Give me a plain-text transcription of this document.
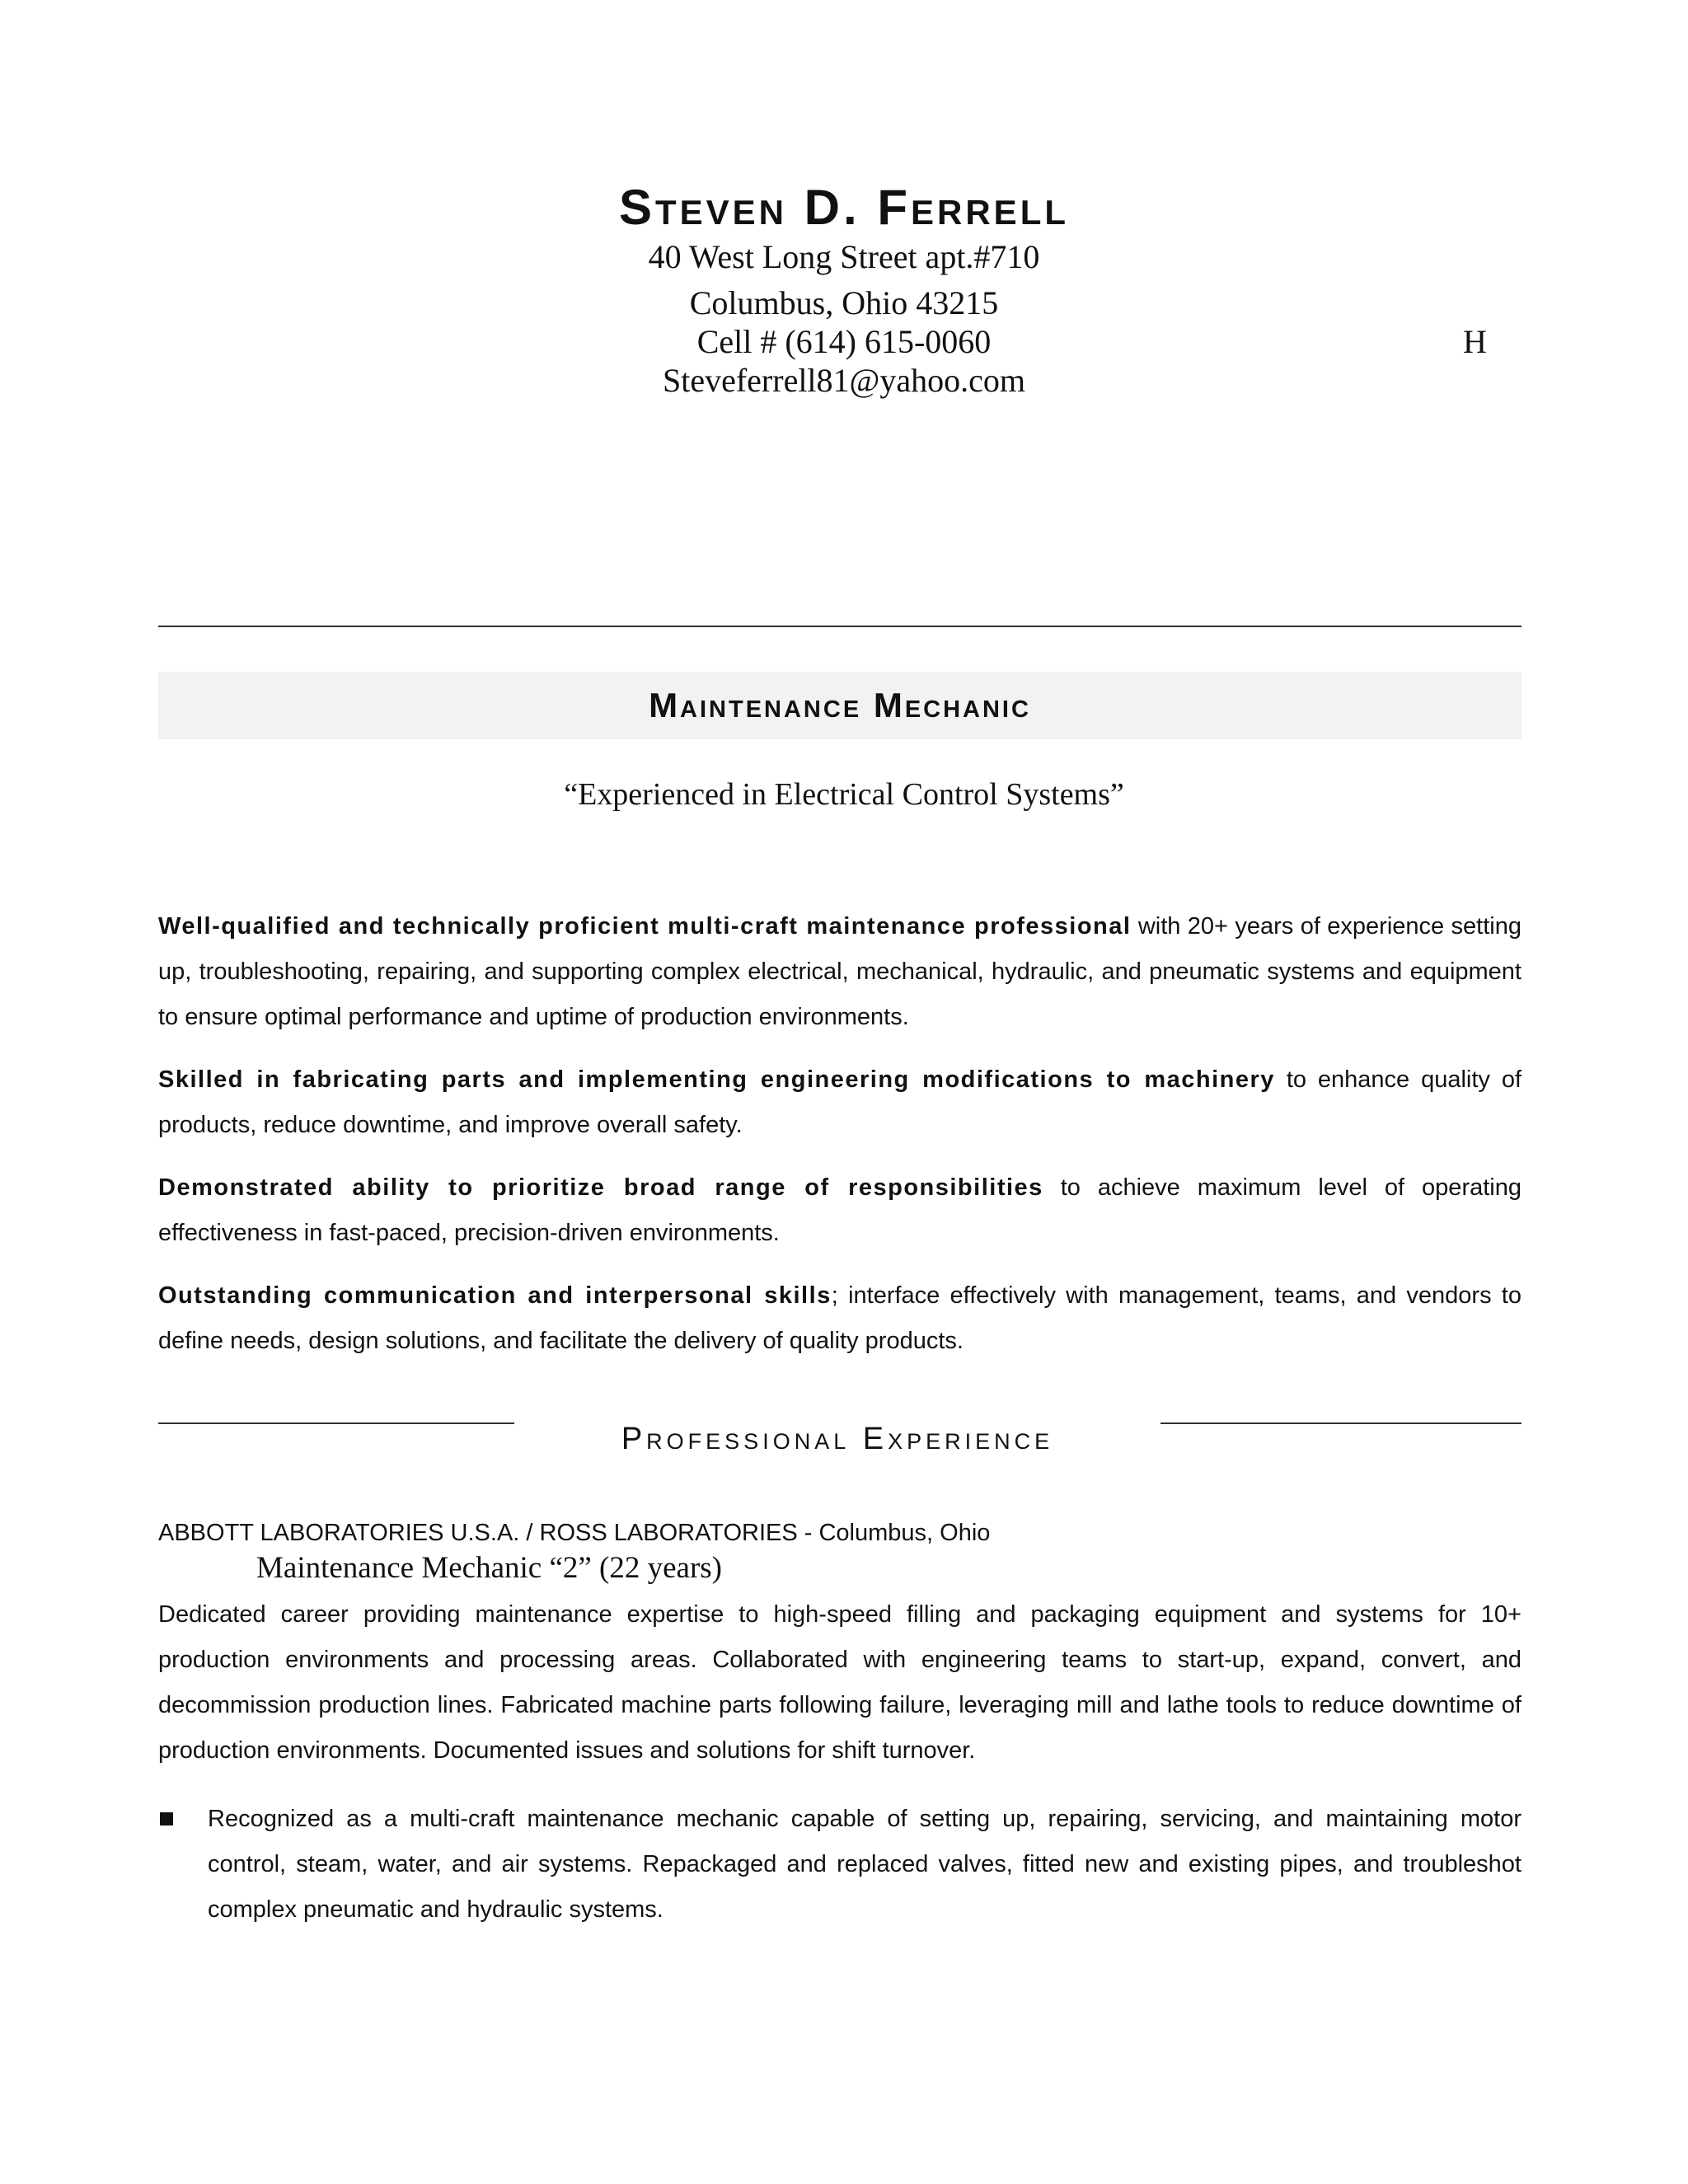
Steven D. Ferrell
40 West Long Street apt.#710
Columbus, Ohio 43215
Cell # (614) 615-0060
Steveferrell81@yahoo.com
H
Maintenance Mechanic
“Experienced in Electrical Control Systems”
Well-qualified and technically proficient multi-craft maintenance professional with 20+ years of experience setting up, troubleshooting, repairing, and supporting complex electrical, mechanical, hydraulic, and pneumatic systems and equipment to ensure optimal performance and uptime of production environments.
Skilled in fabricating parts and implementing engineering modifications to machinery to enhance quality of products, reduce downtime, and improve overall safety.
Demonstrated ability to prioritize broad range of responsibilities to achieve maximum level of operating effectiveness in fast-paced, precision-driven environments.
Outstanding communication and interpersonal skills; interface effectively with management, teams, and vendors to define needs, design solutions, and facilitate the delivery of quality products.
Professional Experience
ABBOTT LABORATORIES U.S.A. / ROSS LABORATORIES - Columbus, Ohio
Maintenance Mechanic “2” (22 years)
Dedicated career providing maintenance expertise to high-speed filling and packaging equipment and systems for 10+ production environments and processing areas. Collaborated with engineering teams to start-up, expand, convert, and decommission production lines. Fabricated machine parts following failure, leveraging mill and lathe tools to reduce downtime of production environments. Documented issues and solutions for shift turnover.
Recognized as a multi-craft maintenance mechanic capable of setting up, repairing, servicing, and maintaining motor control, steam, water, and air systems. Repackaged and replaced valves, fitted new and existing pipes, and troubleshot complex pneumatic and hydraulic systems.
